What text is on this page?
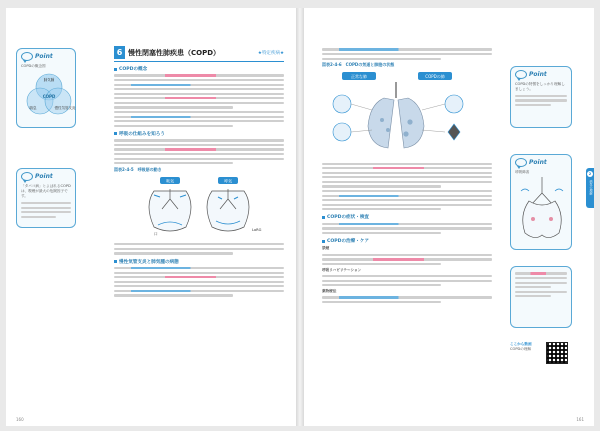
Point
COPDの概念図
肺気腫
喘息	慢性気管支炎
COPD
Point
「タバコ病」とよばれるCOPDは、喫煙が最大の危険因子です。
6 慢性閉塞性肺疾患（COPD）	★特定疾病★
COPDの概念
呼吸の仕組みを知ろう
図表2-4-5　呼吸筋の動き
吸気	呼気
口
LoRG
慢性気管支炎と肺気腫の病態
160
図表2-4-6　COPDの気道と肺胞の状態
正常な肺	COPDの肺
COPDの症状・検査
COPDの治療・ケア
禁煙
呼吸リハビリテーション
薬物療法
Point
COPDの特徴をしっかり理解しましょう。
Point
呼吸障害
ここから動画
COPDの理解
2
病気の理解
161
